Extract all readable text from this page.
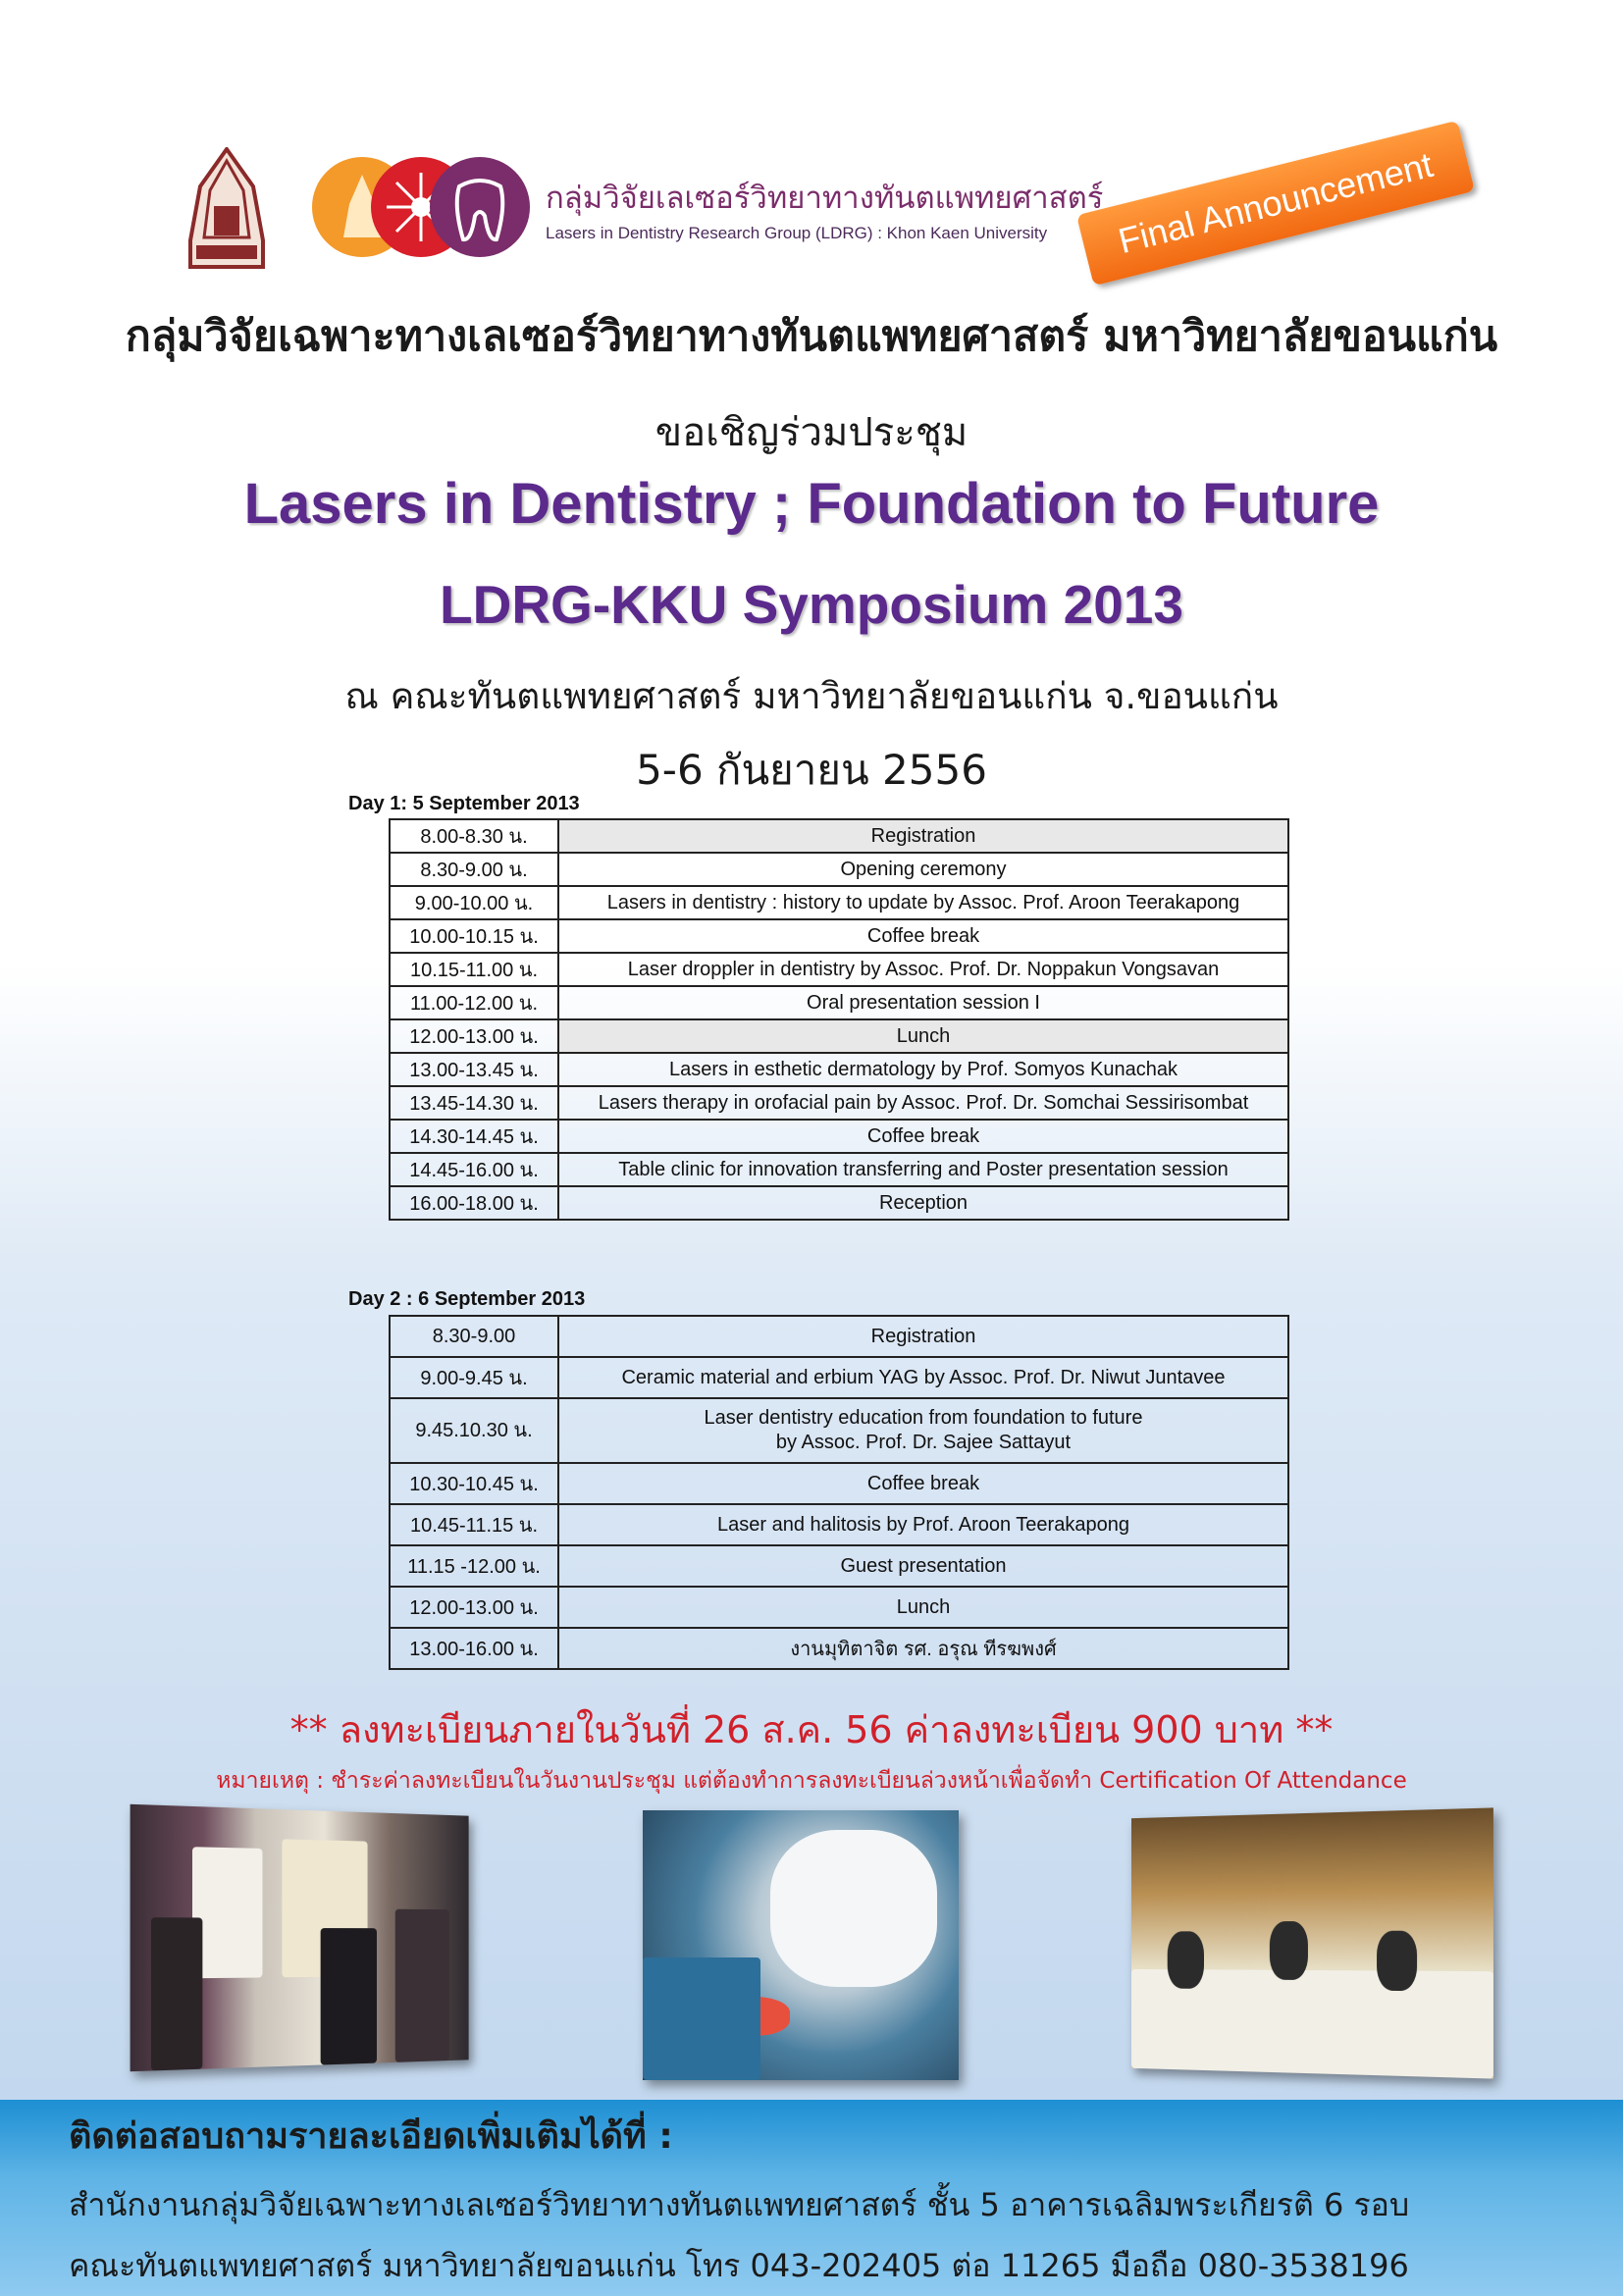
กลุ่มวิจัยเลเซอร์วิทยาทางทันตแพทยศาสตร์
Lasers in Dentistry Research Group (LDRG) : Khon Kaen University	Final Announcement
กลุ่มวิจัยเฉพาะทางเลเซอร์วิทยาทางทันตแพทยศาสตร์ มหาวิทยาลัยขอนแก่น
ขอเชิญร่วมประชุม
Lasers in Dentistry ; Foundation to Future
LDRG-KKU Symposium 2013
ณ คณะทันตแพทยศาสตร์ มหาวิทยาลัยขอนแก่น จ.ขอนแก่น
5-6 กันยายน 2556
Day 1: 5 September 2013
8.00-8.30 น.	Registration
8.30-9.00 น.	Opening ceremony
9.00-10.00 น.	Lasers in dentistry : history to update by Assoc. Prof. Aroon Teerakapong
10.00-10.15 น.	Coffee break
10.15-11.00 น.	Laser droppler in dentistry by Assoc. Prof. Dr. Noppakun Vongsavan
11.00-12.00 น.	Oral presentation session I
12.00-13.00 น.	Lunch
13.00-13.45 น.	Lasers in esthetic dermatology by Prof. Somyos Kunachak
13.45-14.30 น.	Lasers therapy in orofacial pain by Assoc. Prof. Dr. Somchai Sessirisombat
14.30-14.45 น.	Coffee break
14.45-16.00 น.	Table clinic for innovation transferring and Poster presentation session
16.00-18.00 น.	Reception
Day 2 : 6 September 2013
8.30-9.00	Registration
9.00-9.45 น.	Ceramic material and erbium YAG by Assoc. Prof. Dr. Niwut Juntavee
9.45.10.30 น.	Laser dentistry education from foundation to future
by Assoc. Prof. Dr. Sajee Sattayut

10.30-10.45 น.	Coffee break
10.45-11.15 น.	Laser and halitosis by Prof. Aroon Teerakapong
11.15 -12.00 น.	Guest presentation
12.00-13.00 น.	Lunch
13.00-16.00 น.	งานมุทิตาจิต รศ. อรุณ ทีรฆพงศ์
** ลงทะเบียนภายในวันที่ 26 ส.ค. 56 ค่าลงทะเบียน 900 บาท **
หมายเหตุ : ชำระค่าลงทะเบียนในวันงานประชุม แต่ต้องทำการลงทะเบียนล่วงหน้าเพื่อจัดทำ Certification Of Attendance
ติดต่อสอบถามรายละเอียดเพิ่มเติมได้ที่ :
สำนักงานกลุ่มวิจัยเฉพาะทางเลเซอร์วิทยาทางทันตแพทยศาสตร์ ชั้น 5 อาคารเฉลิมพระเกียรติ 6 รอบ
คณะทันตแพทยศาสตร์ มหาวิทยาลัยขอนแก่น โทร 043-202405 ต่อ 11265 มือถือ 080-3538196
